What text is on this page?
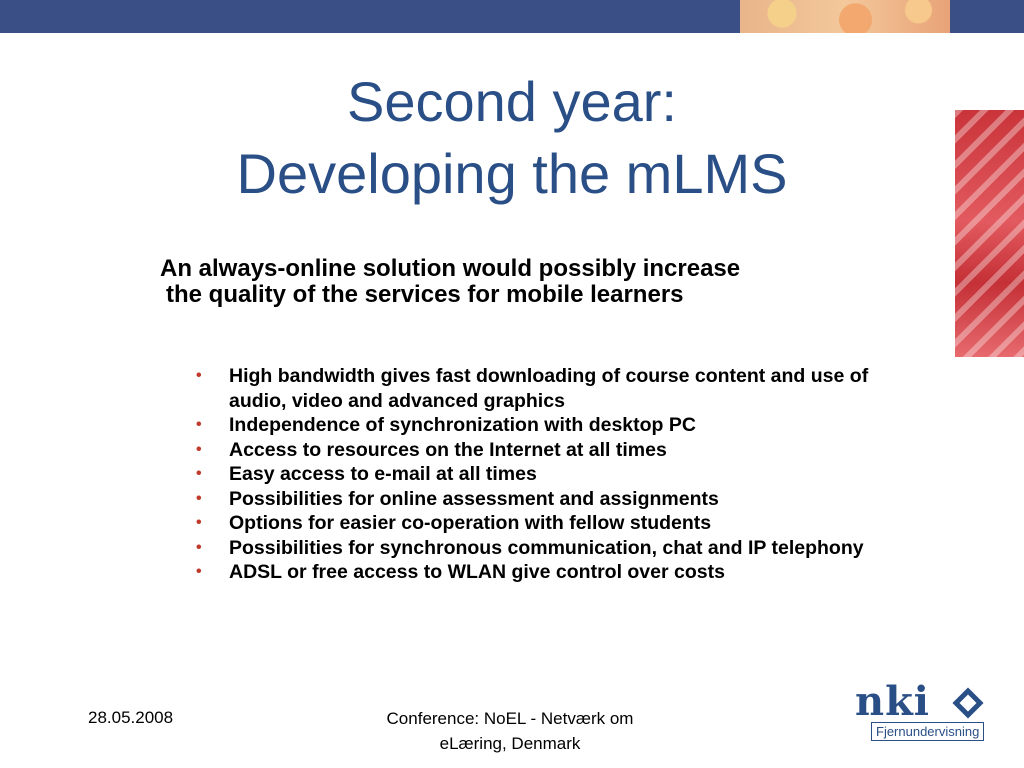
Second year:
Developing the mLMS
An always-online solution would possibly increase
the quality of the services for mobile learners
• High bandwidth gives fast downloading of course content and use of audio, video and advanced graphics
• Independence of synchronization with desktop PC
• Access to resources on the Internet at all times
• Easy access to e-mail at all times
• Possibilities for online assessment and assignments
• Options for easier co-operation with fellow students
• Possibilities for synchronous communication, chat and IP telephony
• ADSL or free access to WLAN give control over costs
28.05.2008	Conference: NoEL - Netværk om
eLæring, Denmark
nki
Fjernundervisning
